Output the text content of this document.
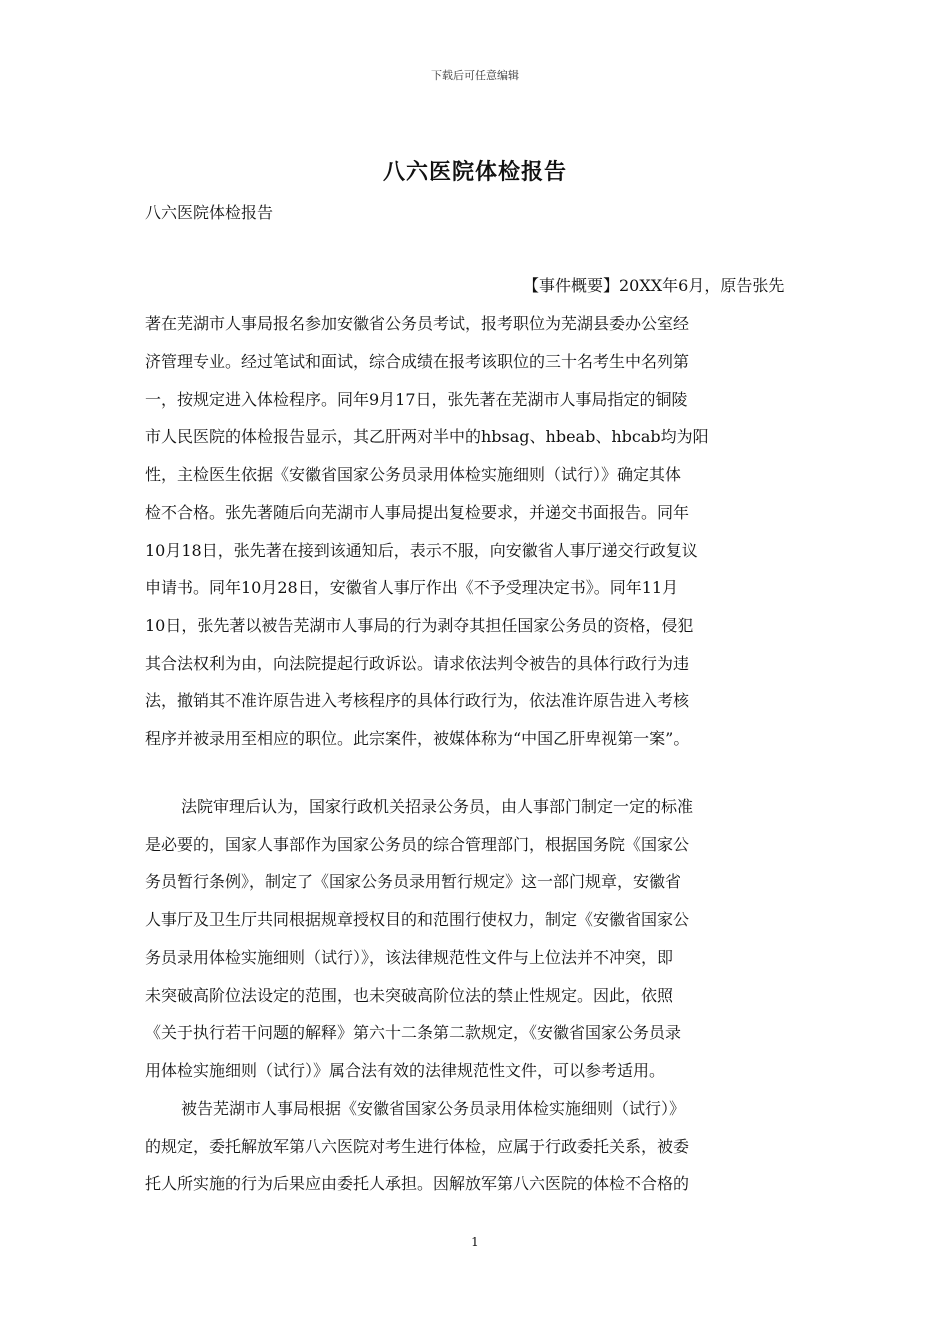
下载后可任意编辑
八六医院体检报告
八六医院体检报告
【事件概要】20XX年6月，原告张先
著在芜湖市人事局报名参加安徽省公务员考试，报考职位为芜湖县委办公室经
济管理专业。经过笔试和面试，综合成绩在报考该职位的三十名考生中名列第
一，按规定进入体检程序。同年9月17日，张先著在芜湖市人事局指定的铜陵
市人民医院的体检报告显示，其乙肝两对半中的hbsag、hbeab、hbcab均为阳
性，主检医生依据《安徽省国家公务员录用体检实施细则（试行）》确定其体
检不合格。张先著随后向芜湖市人事局提出复检要求，并递交书面报告。同年
10月18日，张先著在接到该通知后，表示不服，向安徽省人事厅递交行政复议
申请书。同年10月28日，安徽省人事厅作出《不予受理决定书》。同年11月
10日，张先著以被告芜湖市人事局的行为剥夺其担任国家公务员的资格，侵犯
其合法权利为由，向法院提起行政诉讼。请求依法判令被告的具体行政行为违
法，撤销其不准许原告进入考核程序的具体行政行为，依法准许原告进入考核
程序并被录用至相应的职位。此宗案件，被媒体称为“中国乙肝卑视第一案”。
法院审理后认为，国家行政机关招录公务员，由人事部门制定一定的标准
是必要的，国家人事部作为国家公务员的综合管理部门，根据国务院《国家公
务员暂行条例》，制定了《国家公务员录用暂行规定》这一部门规章，安徽省
人事厅及卫生厅共同根据规章授权目的和范围行使权力，制定《安徽省国家公
务员录用体检实施细则（试行）》，该法律规范性文件与上位法并不冲突，即
未突破高阶位法设定的范围，也未突破高阶位法的禁止性规定。因此，依照
《关于执行若干问题的解释》第六十二条第二款规定，《安徽省国家公务员录
用体检实施细则（试行）》属合法有效的法律规范性文件，可以参考适用。
被告芜湖市人事局根据《安徽省国家公务员录用体检实施细则（试行）》
的规定，委托解放军第八六医院对考生进行体检，应属于行政委托关系，被委
托人所实施的行为后果应由委托人承担。因解放军第八六医院的体检不合格的
1
